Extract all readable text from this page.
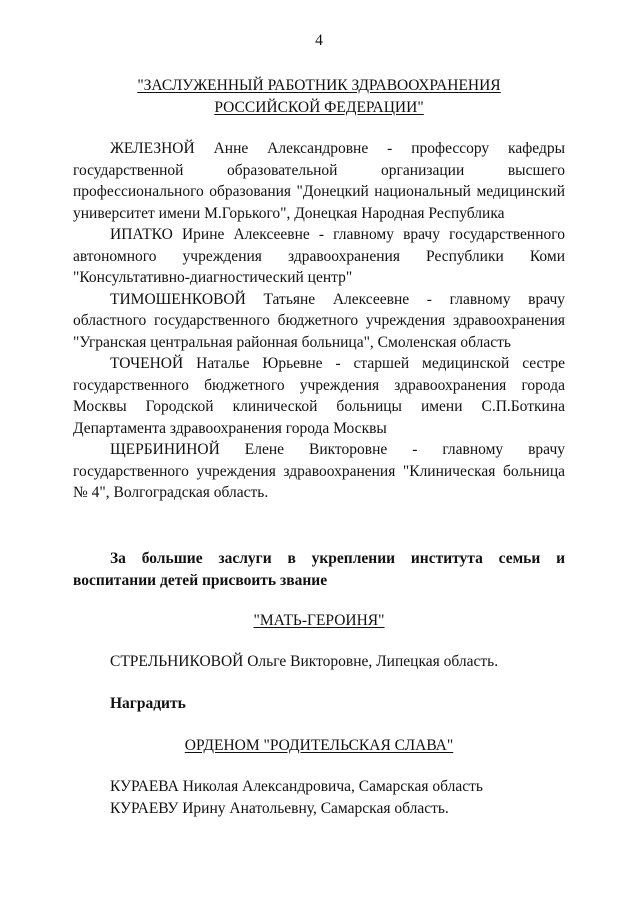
4
"ЗАСЛУЖЕННЫЙ РАБОТНИК ЗДРАВООХРАНЕНИЯ
РОССИЙСКОЙ ФЕДЕРАЦИИ"

ЖЕЛЕЗНОЙ Анне Александровне - профессору кафедры государственной образовательной организации высшего профессионального образования "Донецкий национальный медицинский университет имени М.Горького", Донецкая Народная Республика

ИПАТКО Ирине Алексеевне - главному врачу государственного автономного учреждения здравоохранения Республики Коми "Консультативно-диагностический центр"

ТИМОШЕНКОВОЙ Татьяне Алексеевне - главному врачу областного государственного бюджетного учреждения здравоохранения "Угранская центральная районная больница", Смоленская область

ТОЧЕНОЙ Наталье Юрьевне - старшей медицинской сестре государственного бюджетного учреждения здравоохранения города Москвы Городской клинической больницы имени С.П.Боткина Департамента здравоохранения города Москвы

ЩЕРБИНИНОЙ Елене Викторовне - главному врачу государственного учреждения здравоохранения "Клиническая больница № 4", Волгоградская область.

За большие заслуги в укреплении института семьи и воспитании детей присвоить звание

"МАТЬ-ГЕРОИНЯ"
СТРЕЛЬНИКОВОЙ Ольге Викторовне, Липецкая область.
Наградить
ОРДЕНОМ "РОДИТЕЛЬСКАЯ СЛАВА"
КУРАЕВА Николая Александровича, Самарская область
КУРАЕВУ Ирину Анатольевну, Самарская область.
